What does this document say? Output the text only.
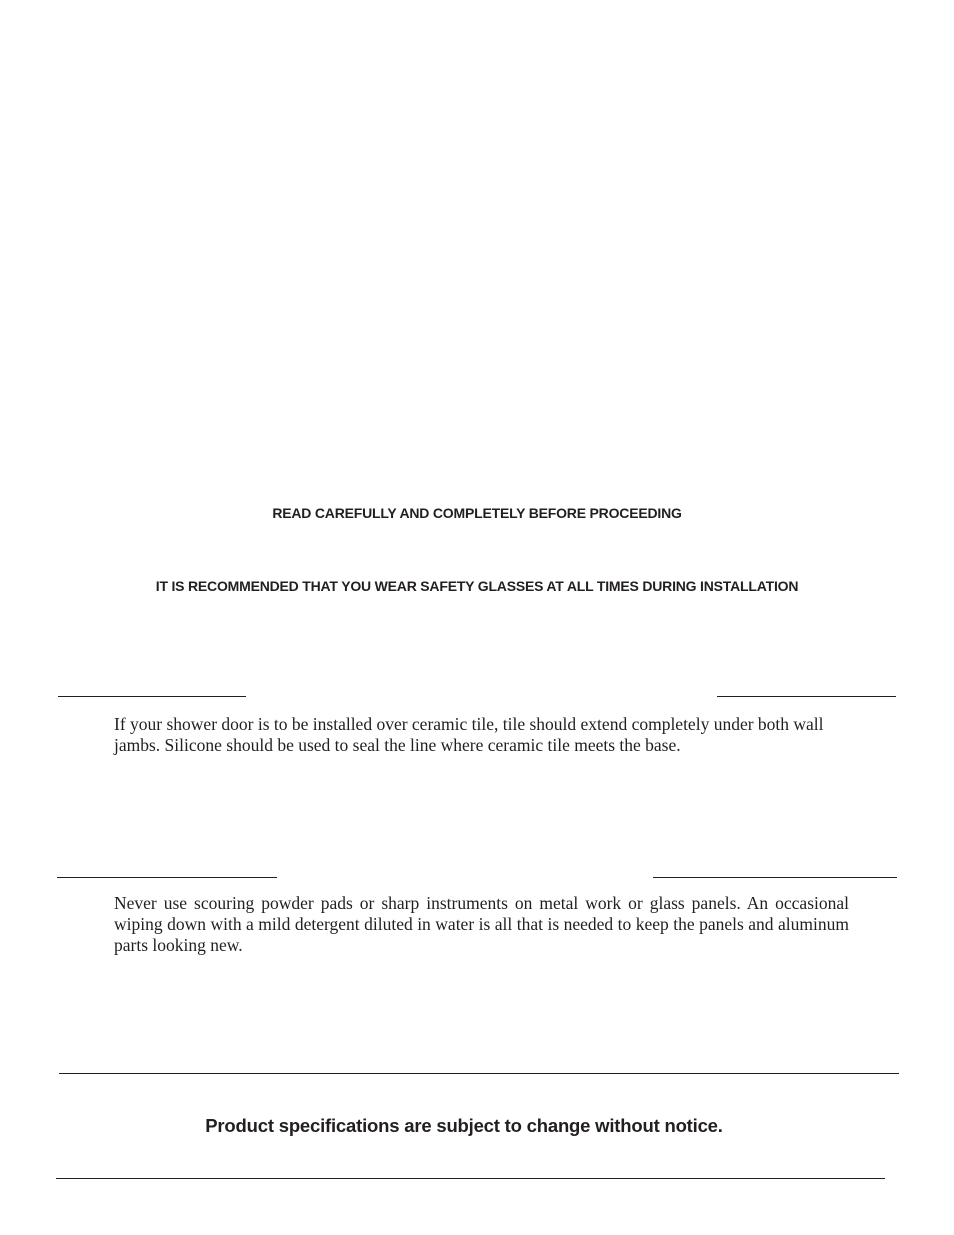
READ CAREFULLY AND COMPLETELY BEFORE PROCEEDING
IT IS RECOMMENDED THAT YOU WEAR SAFETY GLASSES AT ALL TIMES DURING INSTALLATION
If your shower door is to be installed over ceramic tile, tile should extend completely under both wall jambs. Silicone should be used to seal the line where ceramic tile meets the base.
Never use scouring powder pads or sharp instruments on metal work or glass panels. An occasional wiping down with a mild detergent diluted in water is all that is needed to keep the panels and aluminum parts looking new.
Product specifications are subject to change without notice.
